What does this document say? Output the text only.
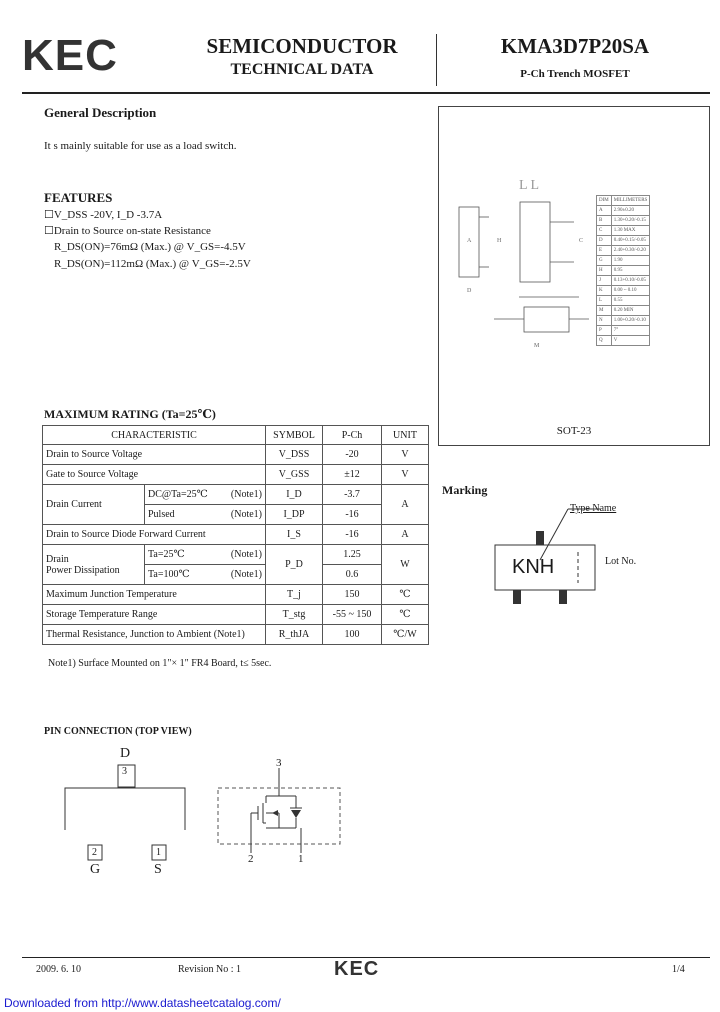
KEC	SEMICONDUCTOR
TECHNICAL DATA
KMA3D7P20SA
P-Ch Trench MOSFET
General Description
It s mainly suitable for use as a load switch.
FEATURES
☐V_DSS -20V, I_D -3.7A
☐Drain to Source on-state Resistance
R_DS(ON)=76mΩ (Max.) @ V_GS=-4.5V
R_DS(ON)=112mΩ (Max.) @ V_GS=-2.5V
L L
A	H	C
D
M
DIM	MILLIMETERS
A	2.90±0.20
B	1.30+0.20/-0.15
C	1.30 MAX
D	0.40+0.15/-0.05
E	2.40+0.30/-0.20
G	1.90
H	0.95
J	0.13+0.10/-0.05
K	0.00 ~ 0.10
L	0.55
M	0.20 MIN
N	1.00+0.20/-0.10
P	7°
Q	V
SOT-23
MAXIMUM RATING (Ta=25℃)
CHARACTERISTIC		SYMBOL	P-Ch	UNIT
Drain to Source Voltage		V_DSS	-20	V
Gate to Source Voltage		V_GSS	±12	V
Drain Current	DC@Ta=25℃ (Note1)	I_D	-3.7	A
	Pulsed (Note1)	I_DP	-16	
Drain to Source Diode Forward Current		I_S	-16	A
Drain
Power Dissipation	Ta=25℃ (Note1)	P_D	1.25	W
	Ta=100℃ (Note1)		0.6	
Maximum Junction Temperature		T_j	150	℃
Storage Temperature Range		T_stg	-55 ~ 150	℃
Thermal Resistance, Junction to Ambient (Note1)		R_thJA	100	℃/W
Note1) Surface Mounted on 1"× 1" FR4 Board, t≤ 5sec.
Marking
Type Name
Lot No.
KNH
PIN CONNECTION (TOP VIEW)
D
3
2	1
G	S
3
2	1
2009. 6. 10	Revision No : 1	KEC	1/4
Downloaded from http://www.datasheetcatalog.com/
